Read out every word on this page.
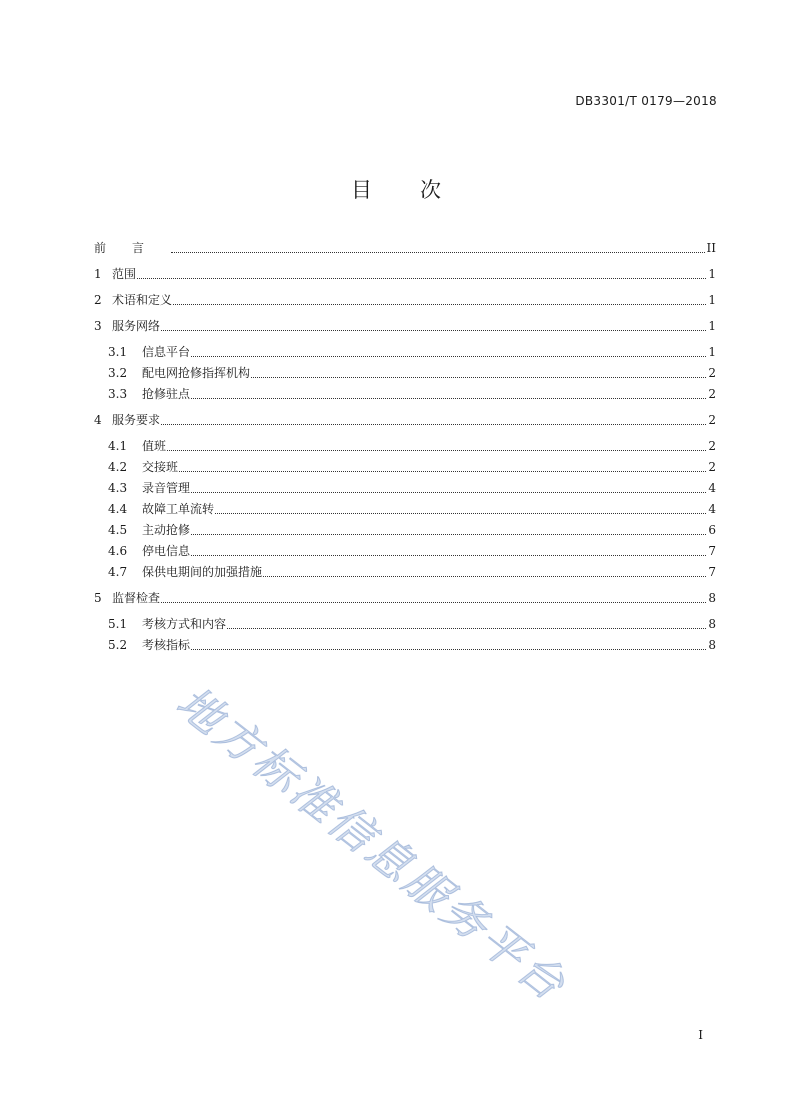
DB3301/T 0179—2018
目 次
前言	II
1 范围	1
2 术语和定义	1
3 服务网络	1
3.1	信息平台	1
3.2	配电网抢修指挥机构	2
3.3	抢修驻点	2
4 服务要求	2
4.1	值班	2
4.2	交接班	2
4.3	录音管理	4
4.4	故障工单流转	4
4.5	主动抢修	6
4.6	停电信息	7
4.7	保供电期间的加强措施	7
5 监督检查	8
5.1	考核方式和内容	8
5.2	考核指标	8
地方标准信息服务平台
I
